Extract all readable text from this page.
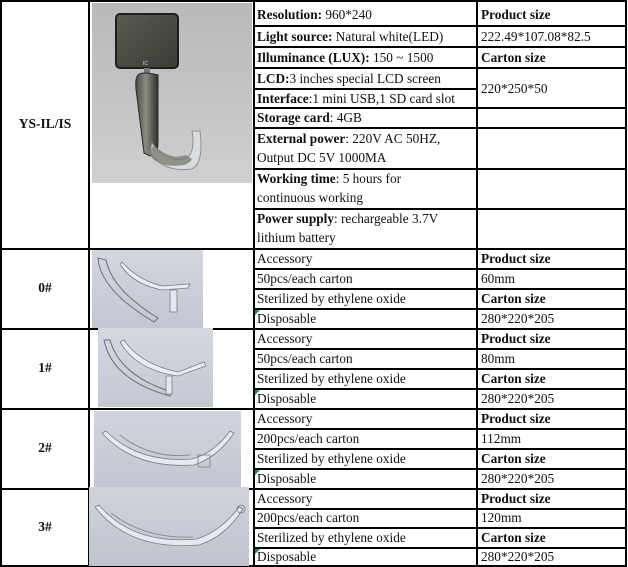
YS-IL/IS
IC
Resolution: 960*240
Light source: Natural white(LED)
Illuminance (LUX): 150 ~ 1500
LCD:3 inches special LCD screen
Interface:1 mini USB,1 SD card slot
Storage card: 4GB
External power: 220V AC 50HZ,
Output DC 5V 1000MA
Working time: 5 hours for
continuous working
Power supply: rechargeable 3.7V
lithium battery
Product size
222.49*107.08*82.5
Carton size
220*250*50
0#
Accessory
50pcs/each carton
Sterilized by ethylene oxide
Disposable
Product size
60mm
Carton size
280*220*205
1#
Accessory
50pcs/each carton
Sterilized by ethylene oxide
Disposable
Product size
80mm
Carton size
280*220*205
2#
Accessory
200pcs/each carton
Sterilized by ethylene oxide
Disposable
Product size
112mm
Carton size
280*220*205
3#
Accessory
200pcs/each carton
Sterilized by ethylene oxide
Disposable
Product size
120mm
Carton size
280*220*205
